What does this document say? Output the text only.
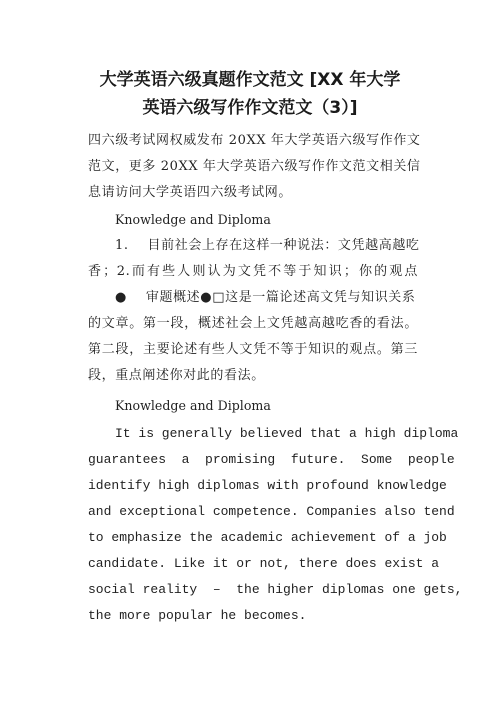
大学英语六级真题作文范文 [XX 年大学
英语六级写作作文范文（3）]
四六级考试网权威发布 20XX 年大学英语六级写作作文
范文，更多 20XX 年大学英语六级写作作文范文相关信
息请访问大学英语四六级考试网。
Knowledge and Diploma
1.    目前社会上存在这样一种说法：文凭越高越吃
香；2.而有些人则认为文凭不等于知识；你的观点
●    审题概述●□这是一篇论述高文凭与知识关系
的文章。第一段，概述社会上文凭越高越吃香的看法。
第二段，主要论述有些人文凭不等于知识的观点。第三
段，重点阐述你对此的看法。
Knowledge and Diploma
It is generally believed that a high diploma
guarantees  a  promising  future.  Some  people
identify high diplomas with profound knowledge
and exceptional competence. Companies also tend
to emphasize the academic achievement of a job
candidate. Like it or not, there does exist a
social reality  –  the higher diplomas one gets,
the more popular he becomes.
